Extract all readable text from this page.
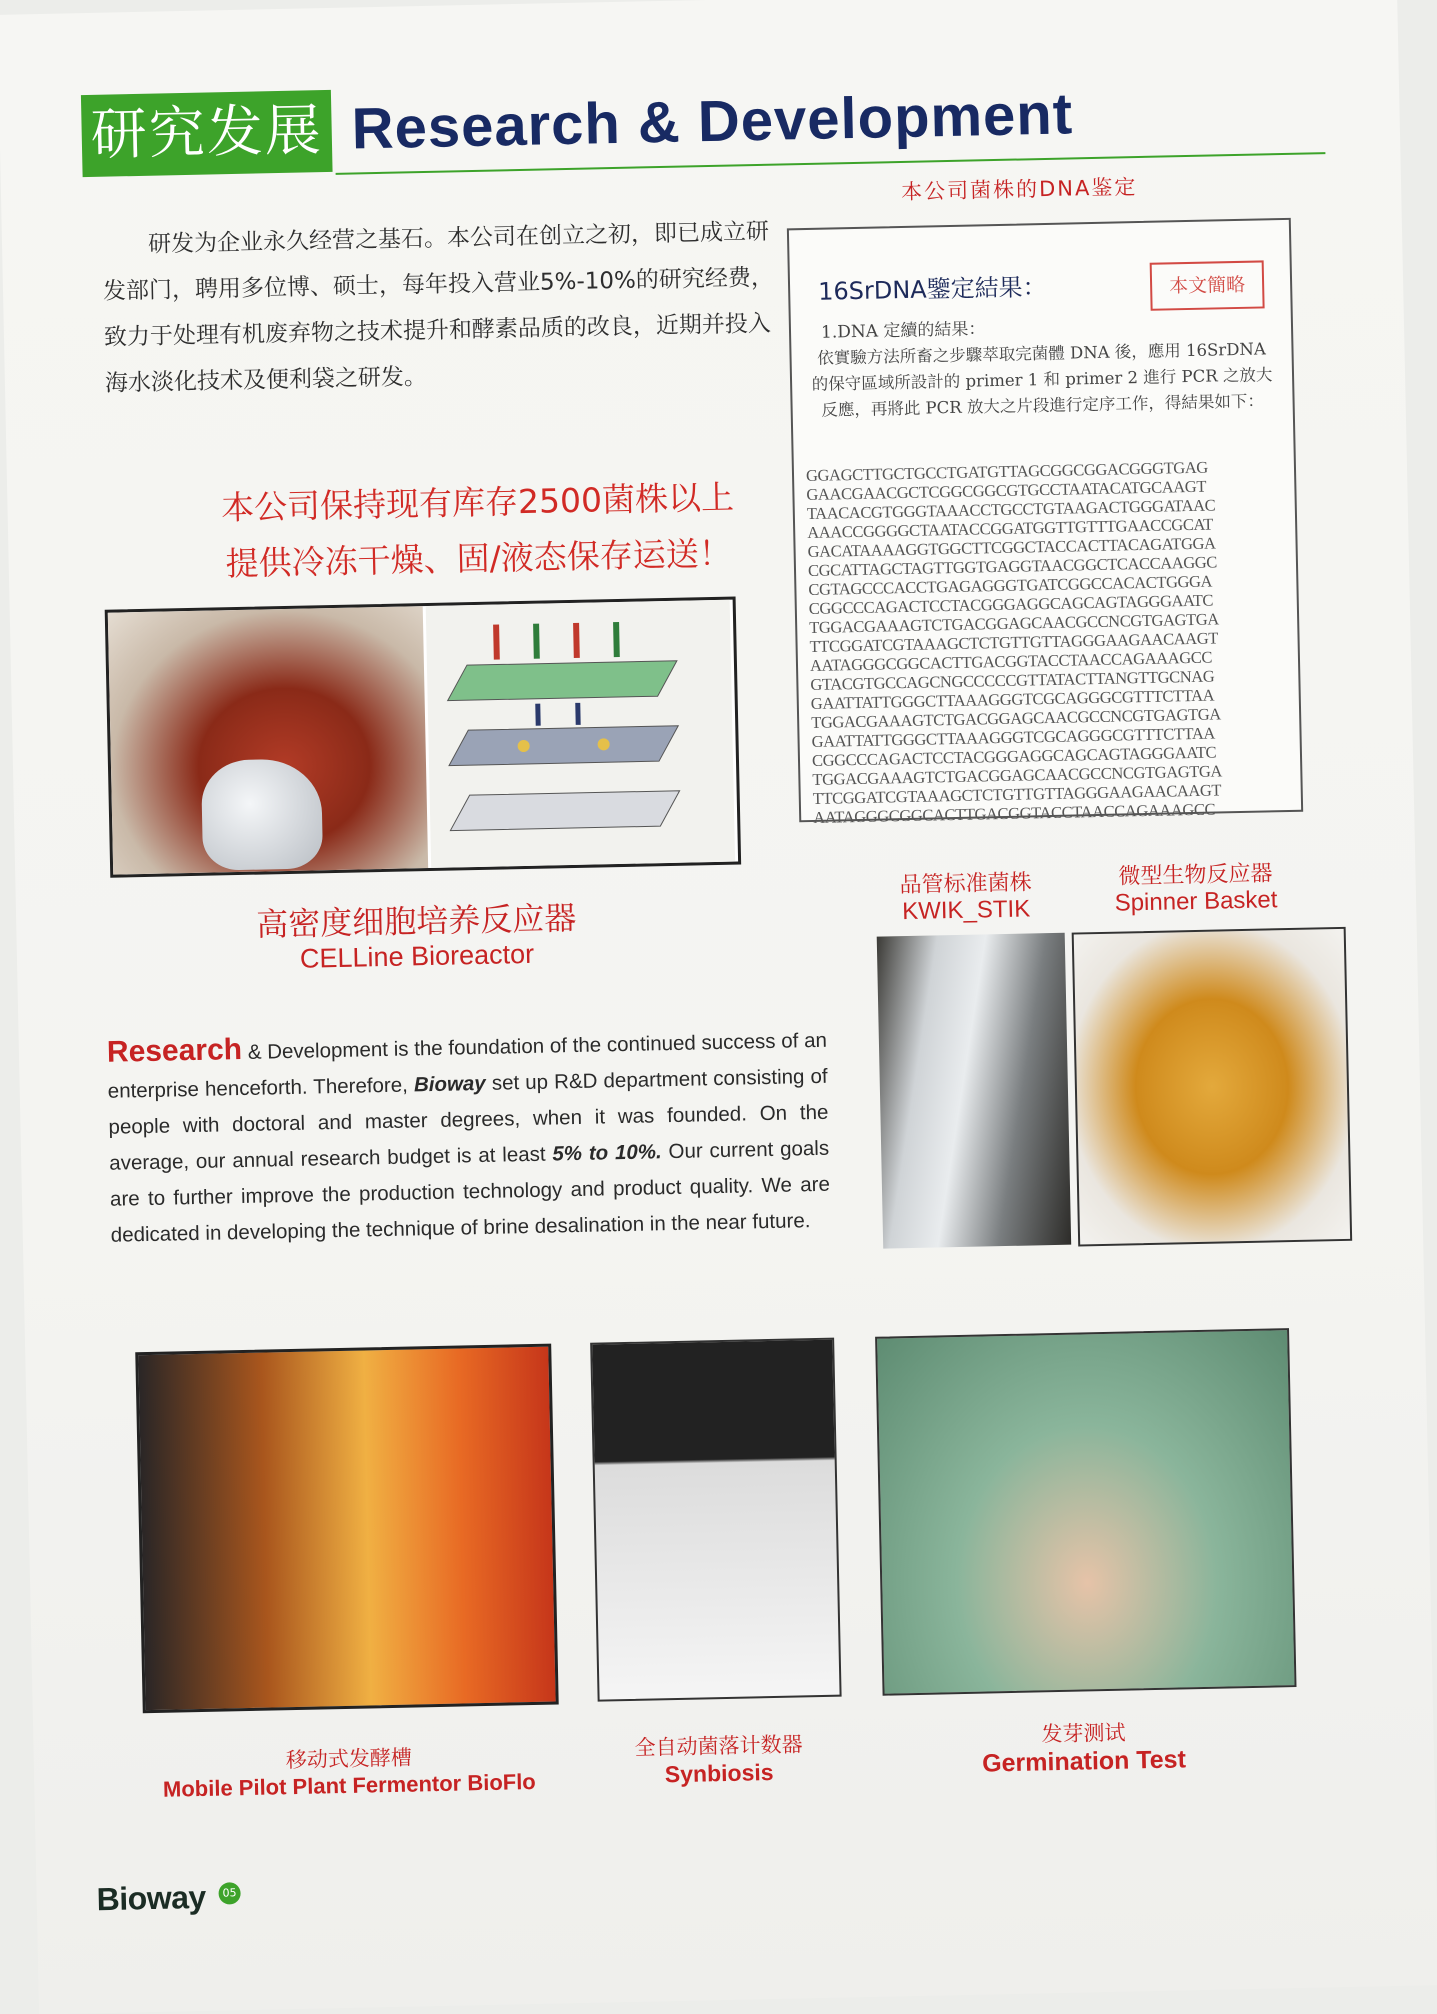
研究发展 Research & Development
研发为企业永久经营之基石。本公司在创立之初，即已成立研发部门，聘用多位博、硕士，每年投入营业5%-10%的研究经费，致力于处理有机废弃物之技术提升和酵素品质的改良，近期并投入海水淡化技术及便利袋之研发。
本公司保持现有库存2500菌株以上
提供冷冻干燥、固/液态保存运送！
本公司菌株的DNA鉴定
16SrDNA鑒定結果：	本文簡略
1.DNA 定續的結果：
依實驗方法所畜之步驟萃取完菌體 DNA 後，應用 16SrDNA 的保守區域所設計的 primer 1 和 primer 2 進行 PCR 之放大反應，再將此 PCR 放大之片段進行定序工作，得結果如下：
GGAGCTTGCTGCCTGATGTTAGCGGCGGACGGGTGAG
GAACGAACGCTCGGCGGCGTGCCTAATACATGCAAGT
TAACACGTGGGTAAACCTGCCTGTAAGACTGGGATAAC
AAACCGGGGCTAATACCGGATGGTTGTTTGAACCGCAT
GACATAAAAGGTGGCTTCGGCTACCACTTACAGATGGA
CGCATTAGCTAGTTGGTGAGGTAACGGCTCACCAAGGC
CGTAGCCCACCTGAGAGGGTGATCGGCCACACTGGGA
CGGCCCAGACTCCTACGGGAGGCAGCAGTAGGGAATC
TGGACGAAAGTCTGACGGAGCAACGCCNCGTGAGTGA
TTCGGATCGTAAAGCTCTGTTGTTAGGGAAGAACAAGT
AATAGGGCGGCACTTGACGGTACCTAACCAGAAAGCC
GTACGTGCCAGCNGCCCCCGTTATACTTANGTTGCNAG
GAATTATTGGGCTTAAAGGGTCGCAGGGCGTTTCTTAA
TGGACGAAAGTCTGACGGAGCAACGCCNCGTGAGTGA
GAATTATTGGGCTTAAAGGGTCGCAGGGCGTTTCTTAA
CGGCCCAGACTCCTACGGGAGGCAGCAGTAGGGAATC
TGGACGAAAGTCTGACGGAGCAACGCCNCGTGAGTGA
TTCGGATCGTAAAGCTCTGTTGTTAGGGAAGAACAAGT
AATAGGGCGGCACTTGACGGTACCTAACCAGAAAGCC
高密度细胞培养反应器
CELLine Bioreactor
品管标准菌株
KWIK_STIK
微型生物反应器
Spinner Basket
Research & Development is the foundation of the continued success of an enterprise henceforth. Therefore, Bioway set up R&D department consisting of people with doctoral and master degrees, when it was founded. On the average, our annual research budget is at least 5% to 10%. Our current goals are to further improve the production technology and product quality. We are dedicated in developing the technique of brine desalination in the near future.
移动式发酵槽
Mobile Pilot Plant Fermentor BioFlo
全自动菌落计数器
Synbiosis
发芽测试
Germination Test
Bioway	05
